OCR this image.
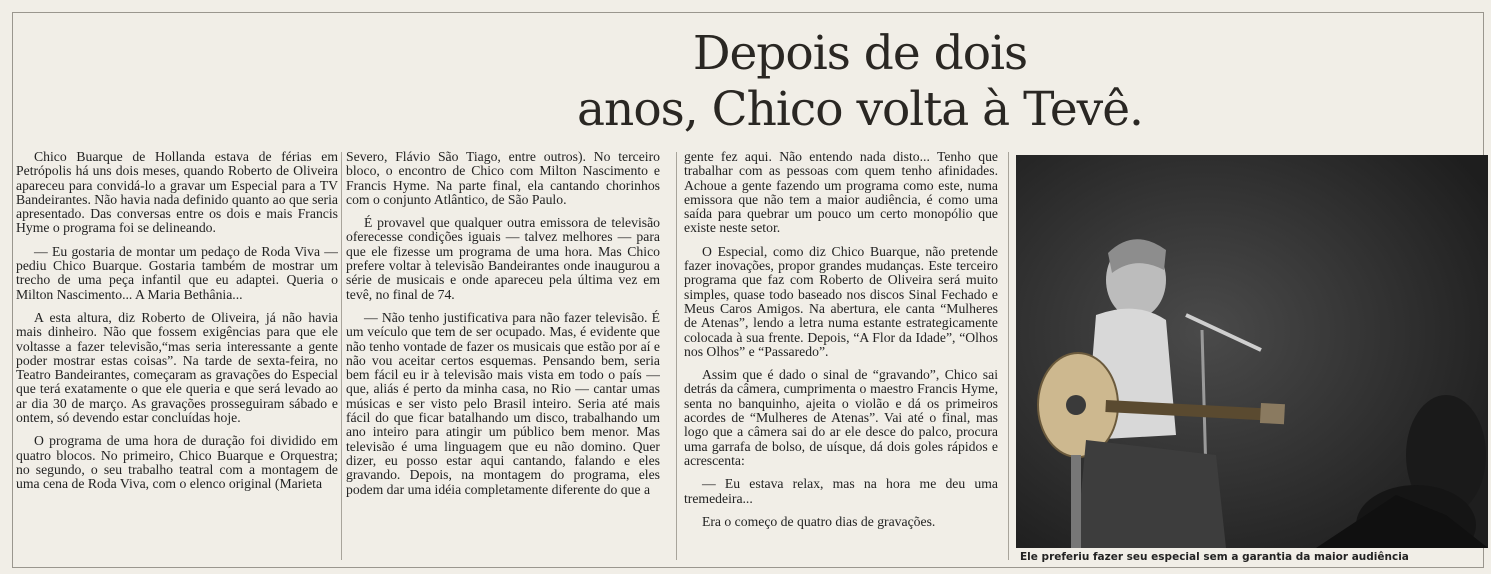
Depois de dois
anos, Chico volta à Tevê.

Chico Buarque de Hollanda estava de férias em Petrópolis há uns dois meses, quando Roberto de Oliveira apareceu para convidá-lo a gravar um Especial para a TV Bandeirantes. Não havia nada definido quanto ao que seria apresentado. Das conversas entre os dois e mais Francis Hyme o programa foi se delineando.

— Eu gostaria de montar um pedaço de Roda Viva — pediu Chico Buarque. Gostaria também de mostrar um trecho de uma peça infantil que eu adaptei. Queria o Milton Nascimento... A Maria Bethânia...

A esta altura, diz Roberto de Oliveira, já não havia mais dinheiro. Não que fossem exigências para que ele voltasse a fazer televisão,“mas seria interessante a gente poder mostrar estas coisas”. Na tarde de sexta-feira, no Teatro Bandeirantes, começaram as gravações do Especial que terá exatamente o que ele queria e que será levado ao ar dia 30 de março. As gravações prosseguiram sábado e ontem, só devendo estar concluídas hoje.

O programa de uma hora de duração foi dividido em quatro blocos. No primeiro, Chico Buarque e Orquestra; no segundo, o seu trabalho teatral com a montagem de uma cena de Roda Viva, com o elenco original (Marieta

Severo, Flávio São Tiago, entre outros). No terceiro bloco, o encontro de Chico com Milton Nascimento e Francis Hyme. Na parte final, ela cantando chorinhos com o conjunto Atlântico, de São Paulo.

É provavel que qualquer outra emissora de televisão oferecesse condições iguais — talvez melhores — para que ele fizesse um programa de uma hora. Mas Chico prefere voltar à televisão Bandeirantes onde inaugurou a série de musicais e onde apareceu pela última vez em tevê, no final de 74.

— Não tenho justificativa para não fazer televisão. É um veículo que tem de ser ocupado. Mas, é evidente que não tenho vontade de fazer os musicais que estão por aí e não vou aceitar certos esquemas. Pensando bem, seria bem fácil eu ir à televisão mais vista em todo o país — que, aliás é perto da minha casa, no Rio — cantar umas músicas e ser visto pelo Brasil inteiro. Seria até mais fácil do que ficar batalhando um disco, trabalhando um ano inteiro para atingir um público bem menor. Mas televisão é uma linguagem que eu não domino. Quer dizer, eu posso estar aqui cantando, falando e eles gravando. Depois, na montagem do programa, eles podem dar uma idéia completamente diferente do que a

gente fez aqui. Não entendo nada disto... Tenho que trabalhar com as pessoas com quem tenho afinidades. Achoue a gente fazendo um programa como este, numa emissora que não tem a maior audiência, é como uma saída para quebrar um pouco um certo monopólio que existe neste setor.

O Especial, como diz Chico Buarque, não pretende fazer inovações, propor grandes mudanças. Este terceiro programa que faz com Roberto de Oliveira será muito simples, quase todo baseado nos discos Sinal Fechado e Meus Caros Amigos. Na abertura, ele canta “Mulheres de Atenas”, lendo a letra numa estante estrategicamente colocada à sua frente. Depois, “A Flor da Idade”, “Olhos nos Olhos” e “Passaredo”.

Assim que é dado o sinal de “gravando”, Chico sai detrás da câmera, cumprimenta o maestro Francis Hyme, senta no banquinho, ajeita o violão e dá os primeiros acordes de “Mulheres de Atenas”. Vai até o final, mas logo que a câmera sai do ar ele desce do palco, procura uma garrafa de bolso, de uísque, dá dois goles rápidos e acrescenta:

— Eu estava relax, mas na hora me deu uma tremedeira...

Era o começo de quatro dias de gravações.

Ele preferiu fazer seu especial sem a garantia da maior audiência
